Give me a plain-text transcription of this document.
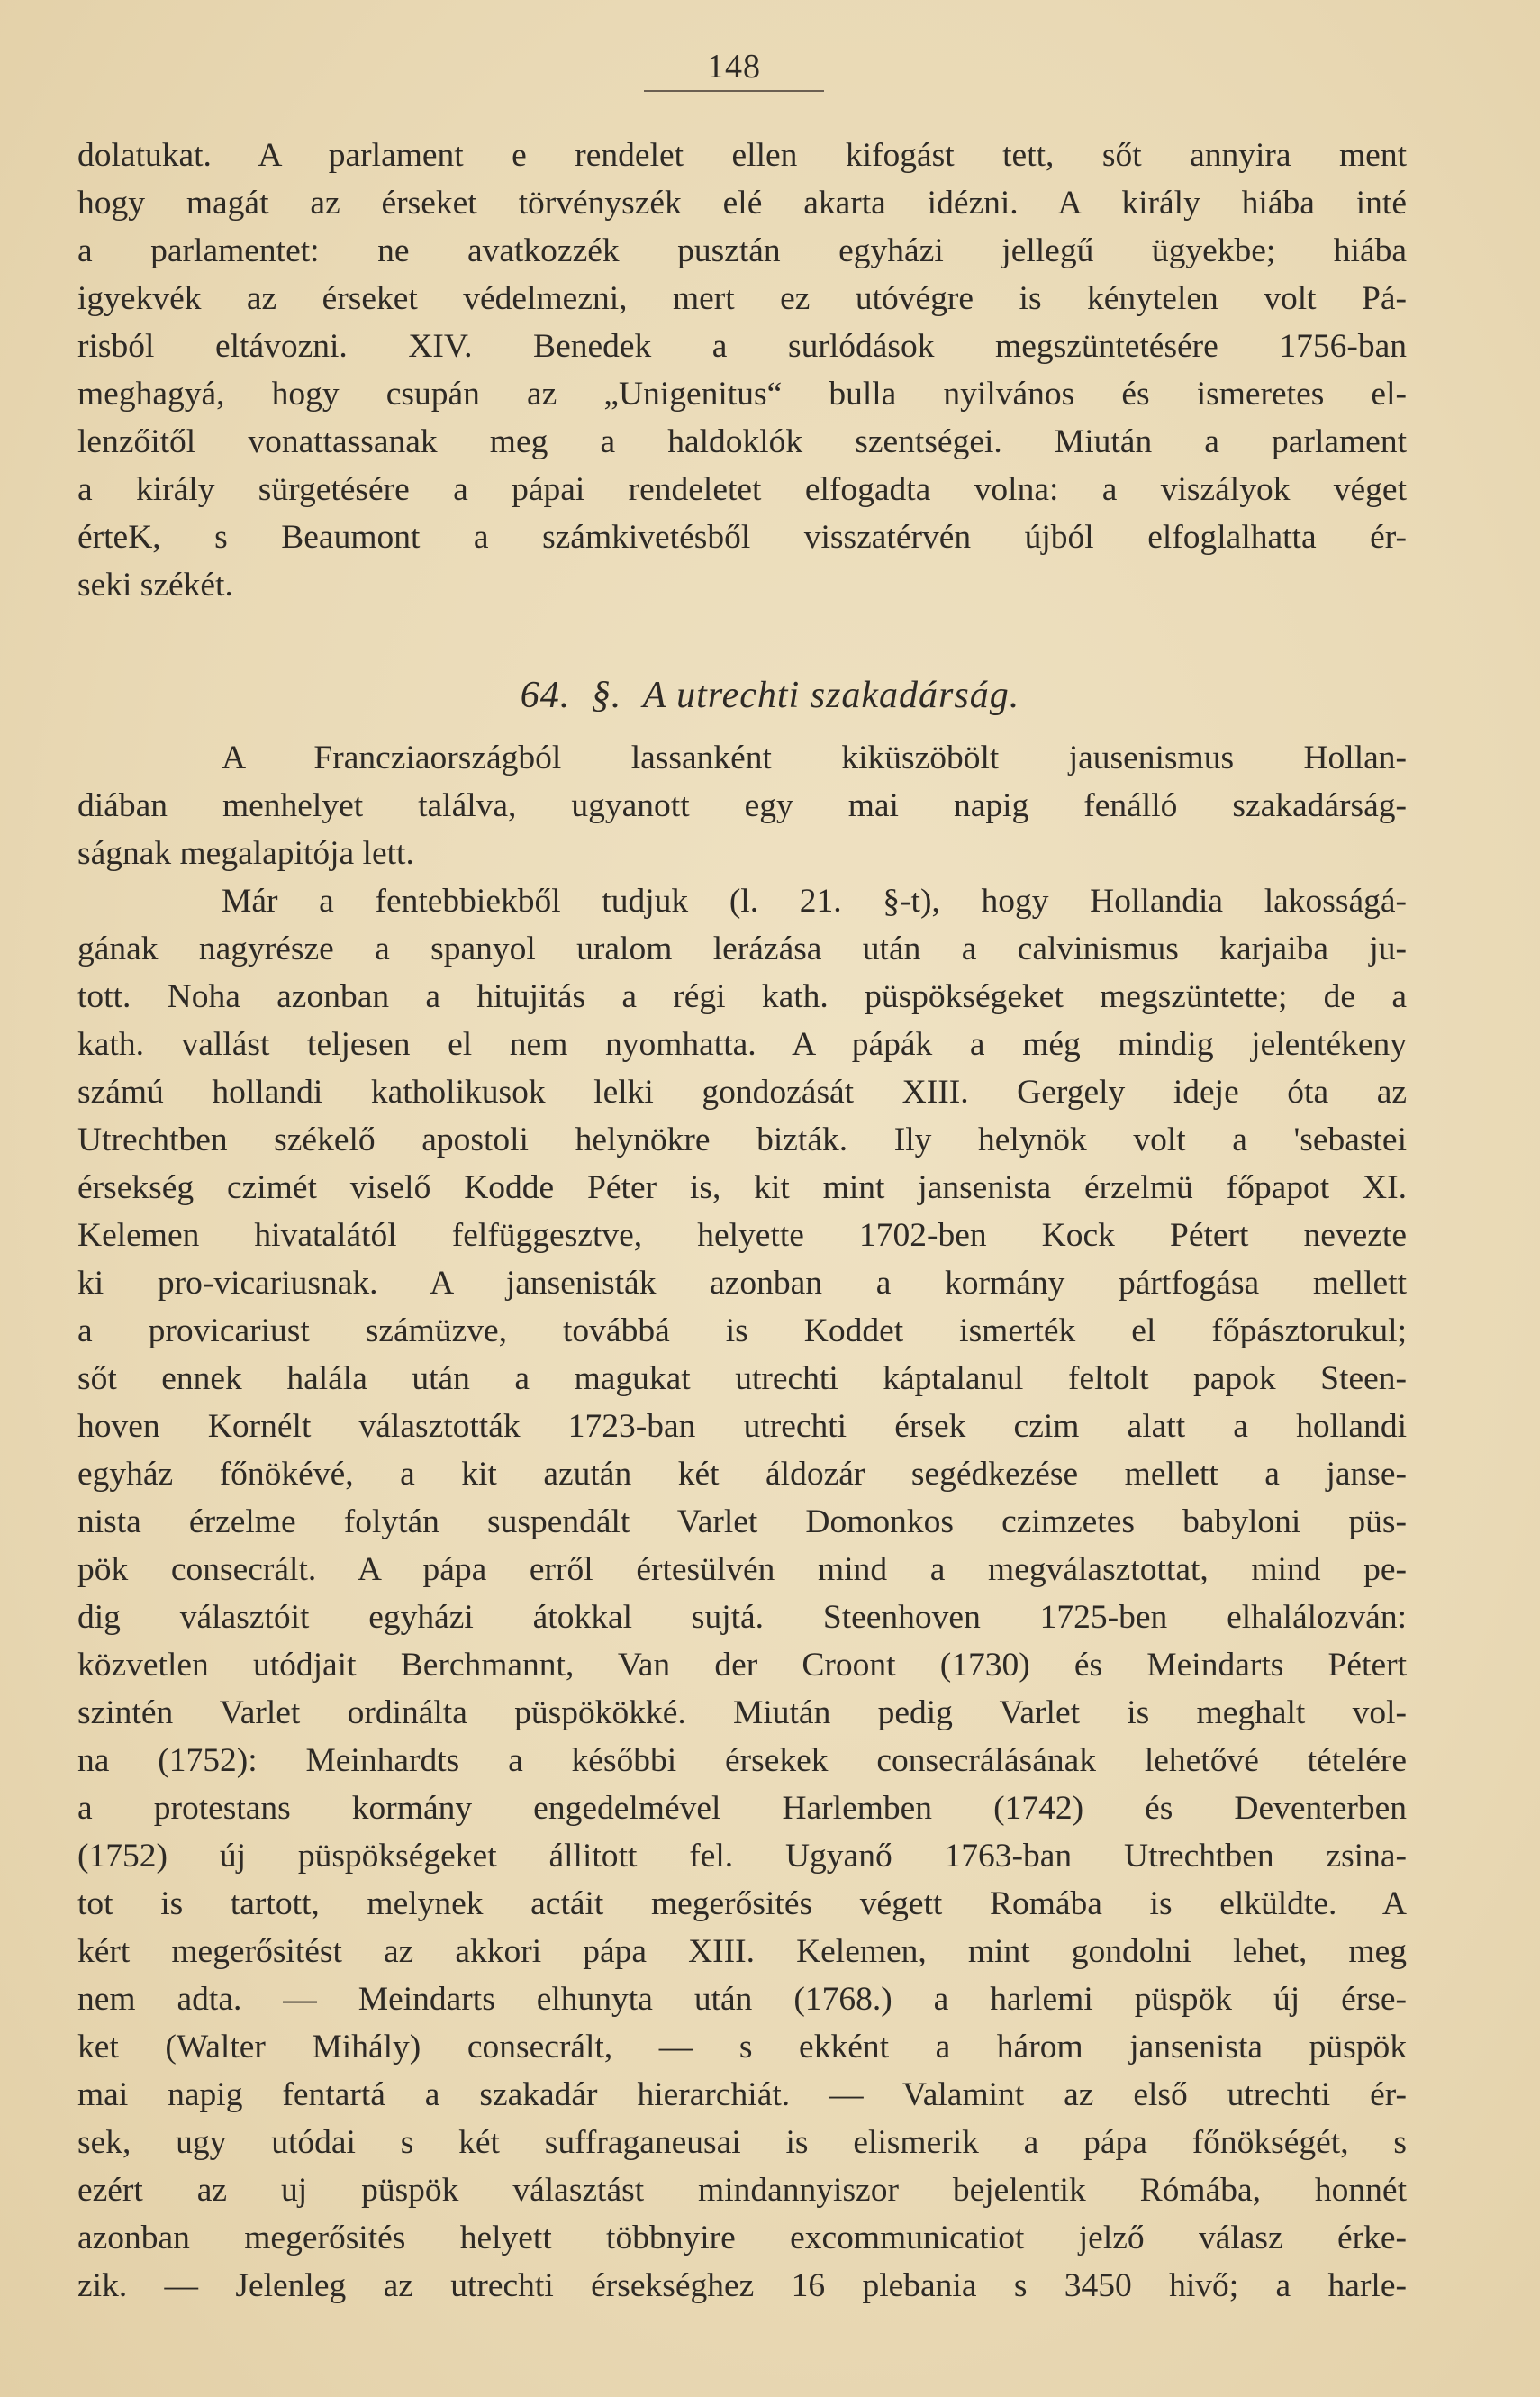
148
dolatukat. A parlament e rendelet ellen kifogást tett, sőt annyira ment
hogy magát az érseket törvényszék elé akarta idézni. A király hiába inté
a parlamentet: ne avatkozzék pusztán egyházi jellegű ügyekbe; hiába
igyekvék az érseket védelmezni, mert ez utóvégre is kénytelen volt Pá-
risból eltávozni. XIV. Benedek a surlódások megszüntetésére 1756-ban
meghagyá, hogy csupán az „Unigenitus“ bulla nyilvános és ismeretes el-
lenzőitől vonattassanak meg a haldoklók szentségei. Miután a parlament
a király sürgetésére a pápai rendeletet elfogadta volna: a viszályok véget
érteK, s Beaumont a számkivetésből visszatérvén újból elfoglalhatta ér-
seki székét.
64. §. A utrechti szakadárság.
A Francziaországból lassanként kiküszöbölt jausenismus Hollan-
diában menhelyet találva, ugyanott egy mai napig fenálló szakadárság-
ságnak megalapitója lett.
Már a fentebbiekből tudjuk (l. 21. §-t), hogy Hollandia lakosságá-
gának nagyrésze a spanyol uralom lerázása után a calvinismus karjaiba ju-
tott. Noha azonban a hitujitás a régi kath. püspökségeket megszüntette; de a
kath. vallást teljesen el nem nyomhatta. A pápák a még mindig jelentékeny
számú hollandi katholikusok lelki gondozását XIII. Gergely ideje óta az
Utrechtben székelő apostoli helynökre bizták. Ily helynök volt a 'sebastei
érsekség czimét viselő Kodde Péter is, kit mint jansenista érzelmü főpapot XI.
Kelemen hivatalától felfüggesztve, helyette 1702-ben Kock Pétert nevezte
ki pro-vicariusnak. A jansenisták azonban a kormány pártfogása mellett
a provicariust számüzve, továbbá is Koddet ismerték el főpásztorukul;
sőt ennek halála után a magukat utrechti káptalanul feltolt papok Steen-
hoven Kornélt választották 1723-ban utrechti érsek czim alatt a hollandi
egyház főnökévé, a kit azután két áldozár segédkezése mellett a janse-
nista érzelme folytán suspendált Varlet Domonkos czimzetes babyloni püs-
pök consecrált. A pápa erről értesülvén mind a megválasztottat, mind pe-
dig választóit egyházi átokkal sujtá. Steenhoven 1725-ben elhalálozván:
közvetlen utódjait Berchmannt, Van der Croont (1730) és Meindarts Pétert
szintén Varlet ordinálta püspökökké. Miután pedig Varlet is meghalt vol-
na (1752): Meinhardts a későbbi érsekek consecrálásának lehetővé tételére
a protestans kormány engedelmével Harlemben (1742) és Deventerben
(1752) új püspökségeket állitott fel. Ugyanő 1763-ban Utrechtben zsina-
tot is tartott, melynek actáit megerősités végett Romába is elküldte. A
kért megerősitést az akkori pápa XIII. Kelemen, mint gondolni lehet, meg
nem adta. — Meindarts elhunyta után (1768.) a harlemi püspök új érse-
ket (Walter Mihály) consecrált, — s ekként a három jansenista püspök
mai napig fentartá a szakadár hierarchiát. — Valamint az első utrechti ér-
sek, ugy utódai s két suffraganeusai is elismerik a pápa főnökségét, s
ezért az uj püspök választást mindannyiszor bejelentik Rómába, honnét
azonban megerősités helyett többnyire excommunicatiot jelző válasz érke-
zik. — Jelenleg az utrechti érsekséghez 16 plebania s 3450 hivő; a harle-
